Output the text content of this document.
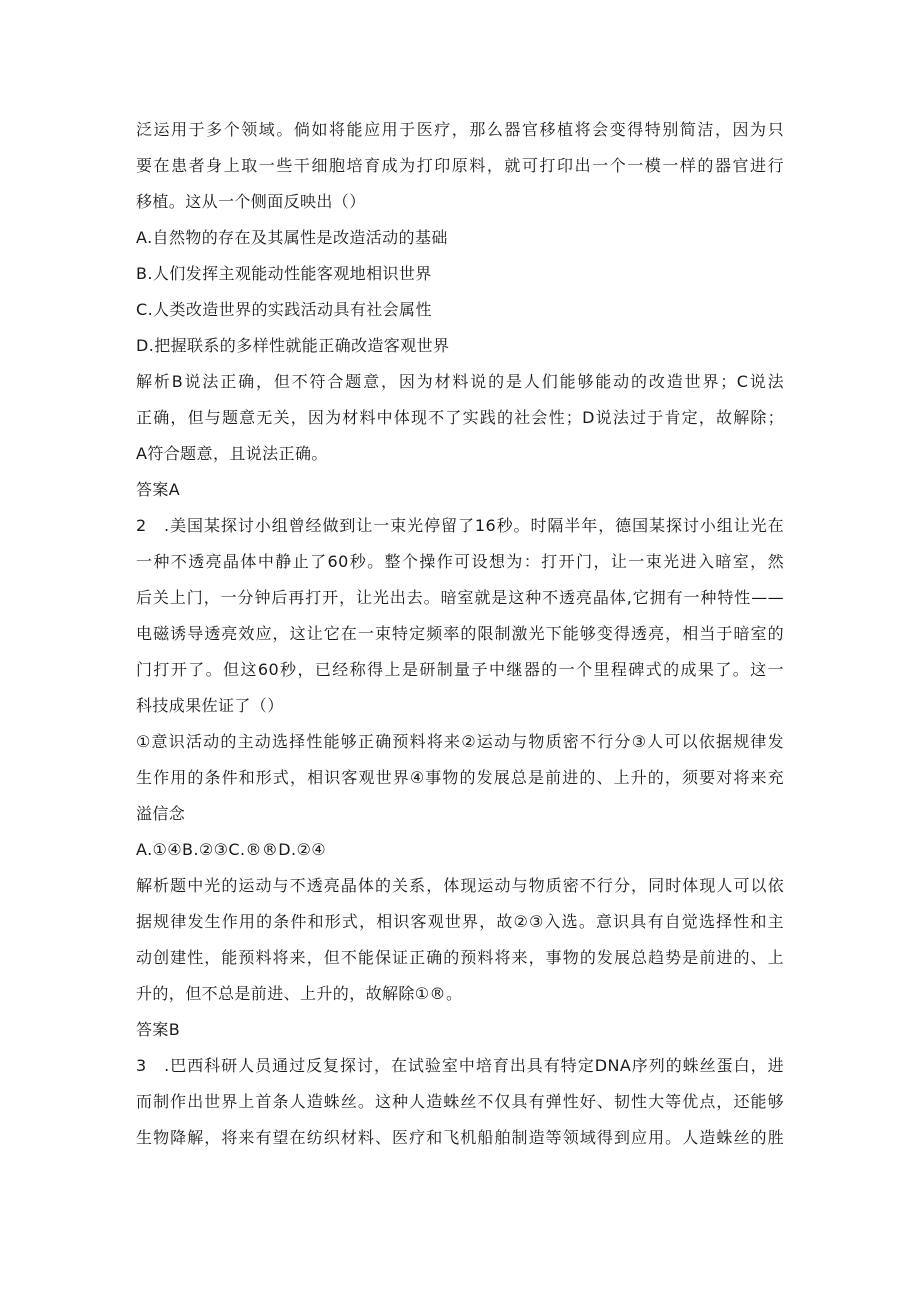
泛运用于多个领域。倘如将能应用于医疗，那么器官移植将会变得特别简洁，因为只
要在患者身上取一些干细胞培育成为打印原料，就可打印出一个一模一样的器官进行
移植。这从一个侧面反映出（）
A.自然物的存在及其属性是改造活动的基础
B.人们发挥主观能动性能客观地相识世界
C.人类改造世界的实践活动具有社会属性
D.把握联系的多样性就能正确改造客观世界
解析B说法正确，但不符合题意，因为材料说的是人们能够能动的改造世界；C说法
正确，但与题意无关，因为材料中体现不了实践的社会性；D说法过于肯定，故解除；
A符合题意，且说法正确。
答案A
2　.美国某探讨小组曾经做到让一束光停留了16秒。时隔半年，德国某探讨小组让光在
一种不透亮晶体中静止了60秒。整个操作可设想为：打开门，让一束光进入暗室，然
后关上门，一分钟后再打开，让光出去。暗室就是这种不透亮晶体,它拥有一种特性——
电磁诱导透亮效应，这让它在一束特定频率的限制激光下能够变得透亮，相当于暗室的
门打开了。但这60秒，已经称得上是研制量子中继器的一个里程碑式的成果了。这一
科技成果佐证了（）
①意识活动的主动选择性能够正确预料将来②运动与物质密不行分③人可以依据规律发
生作用的条件和形式，相识客观世界④事物的发展总是前进的、上升的，须要对将来充
溢信念
A.①④B.②③C.®®D.②④
解析题中光的运动与不透亮晶体的关系，体现运动与物质密不行分，同时体现人可以依
据规律发生作用的条件和形式，相识客观世界，故②③入选。意识具有自觉选择性和主
动创建性，能预料将来，但不能保证正确的预料将来，事物的发展总趋势是前进的、上
升的，但不总是前进、上升的，故解除①®。
答案B
3　.巴西科研人员通过反复探讨，在试验室中培育出具有特定DNA序列的蛛丝蛋白，进
而制作出世界上首条人造蛛丝。这种人造蛛丝不仅具有弹性好、韧性大等优点，还能够
生物降解，将来有望在纺织材料、医疗和飞机船舶制造等领域得到应用。人造蛛丝的胜
